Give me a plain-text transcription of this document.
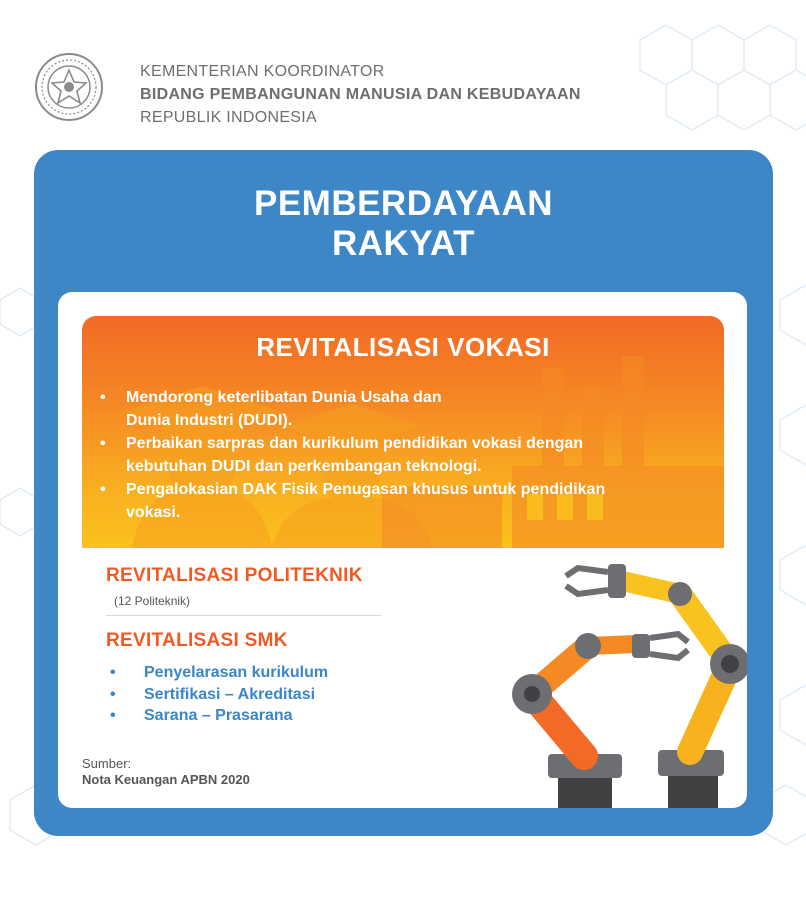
KEMENTERIAN KOORDINATOR
BIDANG PEMBANGUNAN MANUSIA DAN KEBUDAYAAN
REPUBLIK INDONESIA
PEMBERDAYAAN
RAKYAT
REVITALISASI VOKASI
• Mendorong keterlibatan Dunia Usaha dan
Dunia Industri (DUDI).
• Perbaikan sarpras dan kurikulum pendidikan vokasi dengan
kebutuhan DUDI dan perkembangan teknologi.
• Pengalokasian DAK Fisik Penugasan khusus untuk pendidikan
vokasi.
REVITALISASI POLITEKNIK
(12 Politeknik)
REVITALISASI SMK
• Penyelarasan kurikulum
• Sertifikasi – Akreditasi
• Sarana – Prasarana
Sumber:
Nota Keuangan APBN 2020
